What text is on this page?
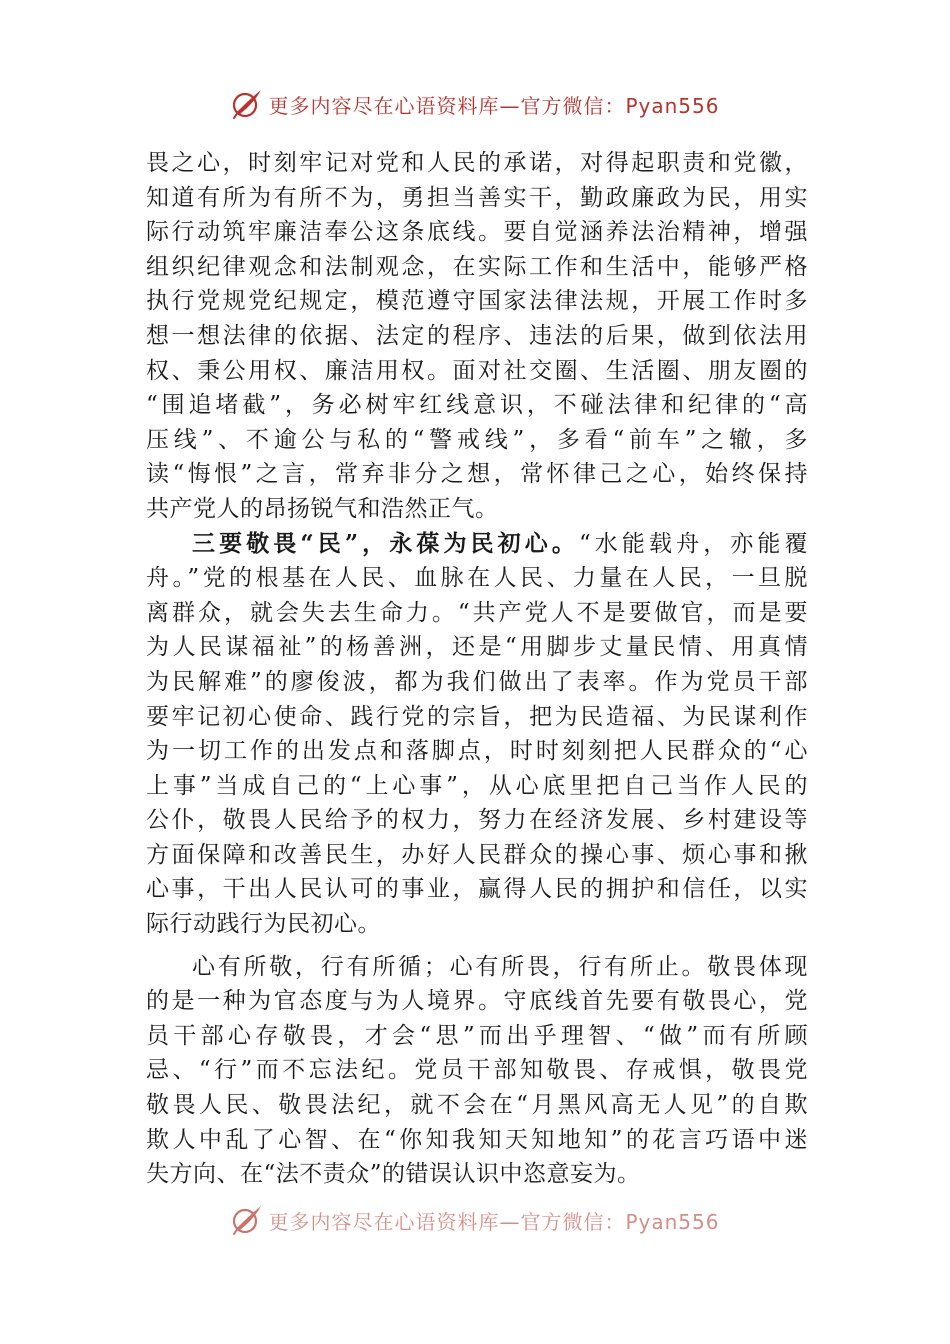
更多内容尽在心语资料库—官方微信：Pyan556
畏之心，时刻牢记对党和人民的承诺，对得起职责和党徽，
知道有所为有所不为，勇担当善实干，勤政廉政为民，用实
际行动筑牢廉洁奉公这条底线。要自觉涵养法治精神，增强
组织纪律观念和法制观念，在实际工作和生活中，能够严格
执行党规党纪规定，模范遵守国家法律法规，开展工作时多
想一想法律的依据、法定的程序、违法的后果，做到依法用
权、秉公用权、廉洁用权。面对社交圈、生活圈、朋友圈的
“围追堵截”，务必树牢红线意识，不碰法律和纪律的“高
压线”、不逾公与私的“警戒线”，多看“前车”之辙，多
读“悔恨”之言，常弃非分之想，常怀律己之心，始终保持
共产党人的昂扬锐气和浩然正气。
三要敬畏“民”，永葆为民初心。“水能载舟，亦能覆
舟。”党的根基在人民、血脉在人民、力量在人民，一旦脱
离群众，就会失去生命力。“共产党人不是要做官，而是要
为人民谋福祉”的杨善洲，还是“用脚步丈量民情、用真情
为民解难”的廖俊波，都为我们做出了表率。作为党员干部
要牢记初心使命、践行党的宗旨，把为民造福、为民谋利作
为一切工作的出发点和落脚点，时时刻刻把人民群众的“心
上事”当成自己的“上心事”，从心底里把自己当作人民的
公仆，敬畏人民给予的权力，努力在经济发展、乡村建设等
方面保障和改善民生，办好人民群众的操心事、烦心事和揪
心事，干出人民认可的事业，赢得人民的拥护和信任，以实
际行动践行为民初心。
心有所敬，行有所循；心有所畏，行有所止。敬畏体现
的是一种为官态度与为人境界。守底线首先要有敬畏心，党
员干部心存敬畏，才会“思”而出乎理智、“做”而有所顾
忌、“行”而不忘法纪。党员干部知敬畏、存戒惧，敬畏党
敬畏人民、敬畏法纪，就不会在“月黑风高无人见”的自欺
欺人中乱了心智、在“你知我知天知地知”的花言巧语中迷
失方向、在“法不责众”的错误认识中恣意妄为。
更多内容尽在心语资料库—官方微信：Pyan556
